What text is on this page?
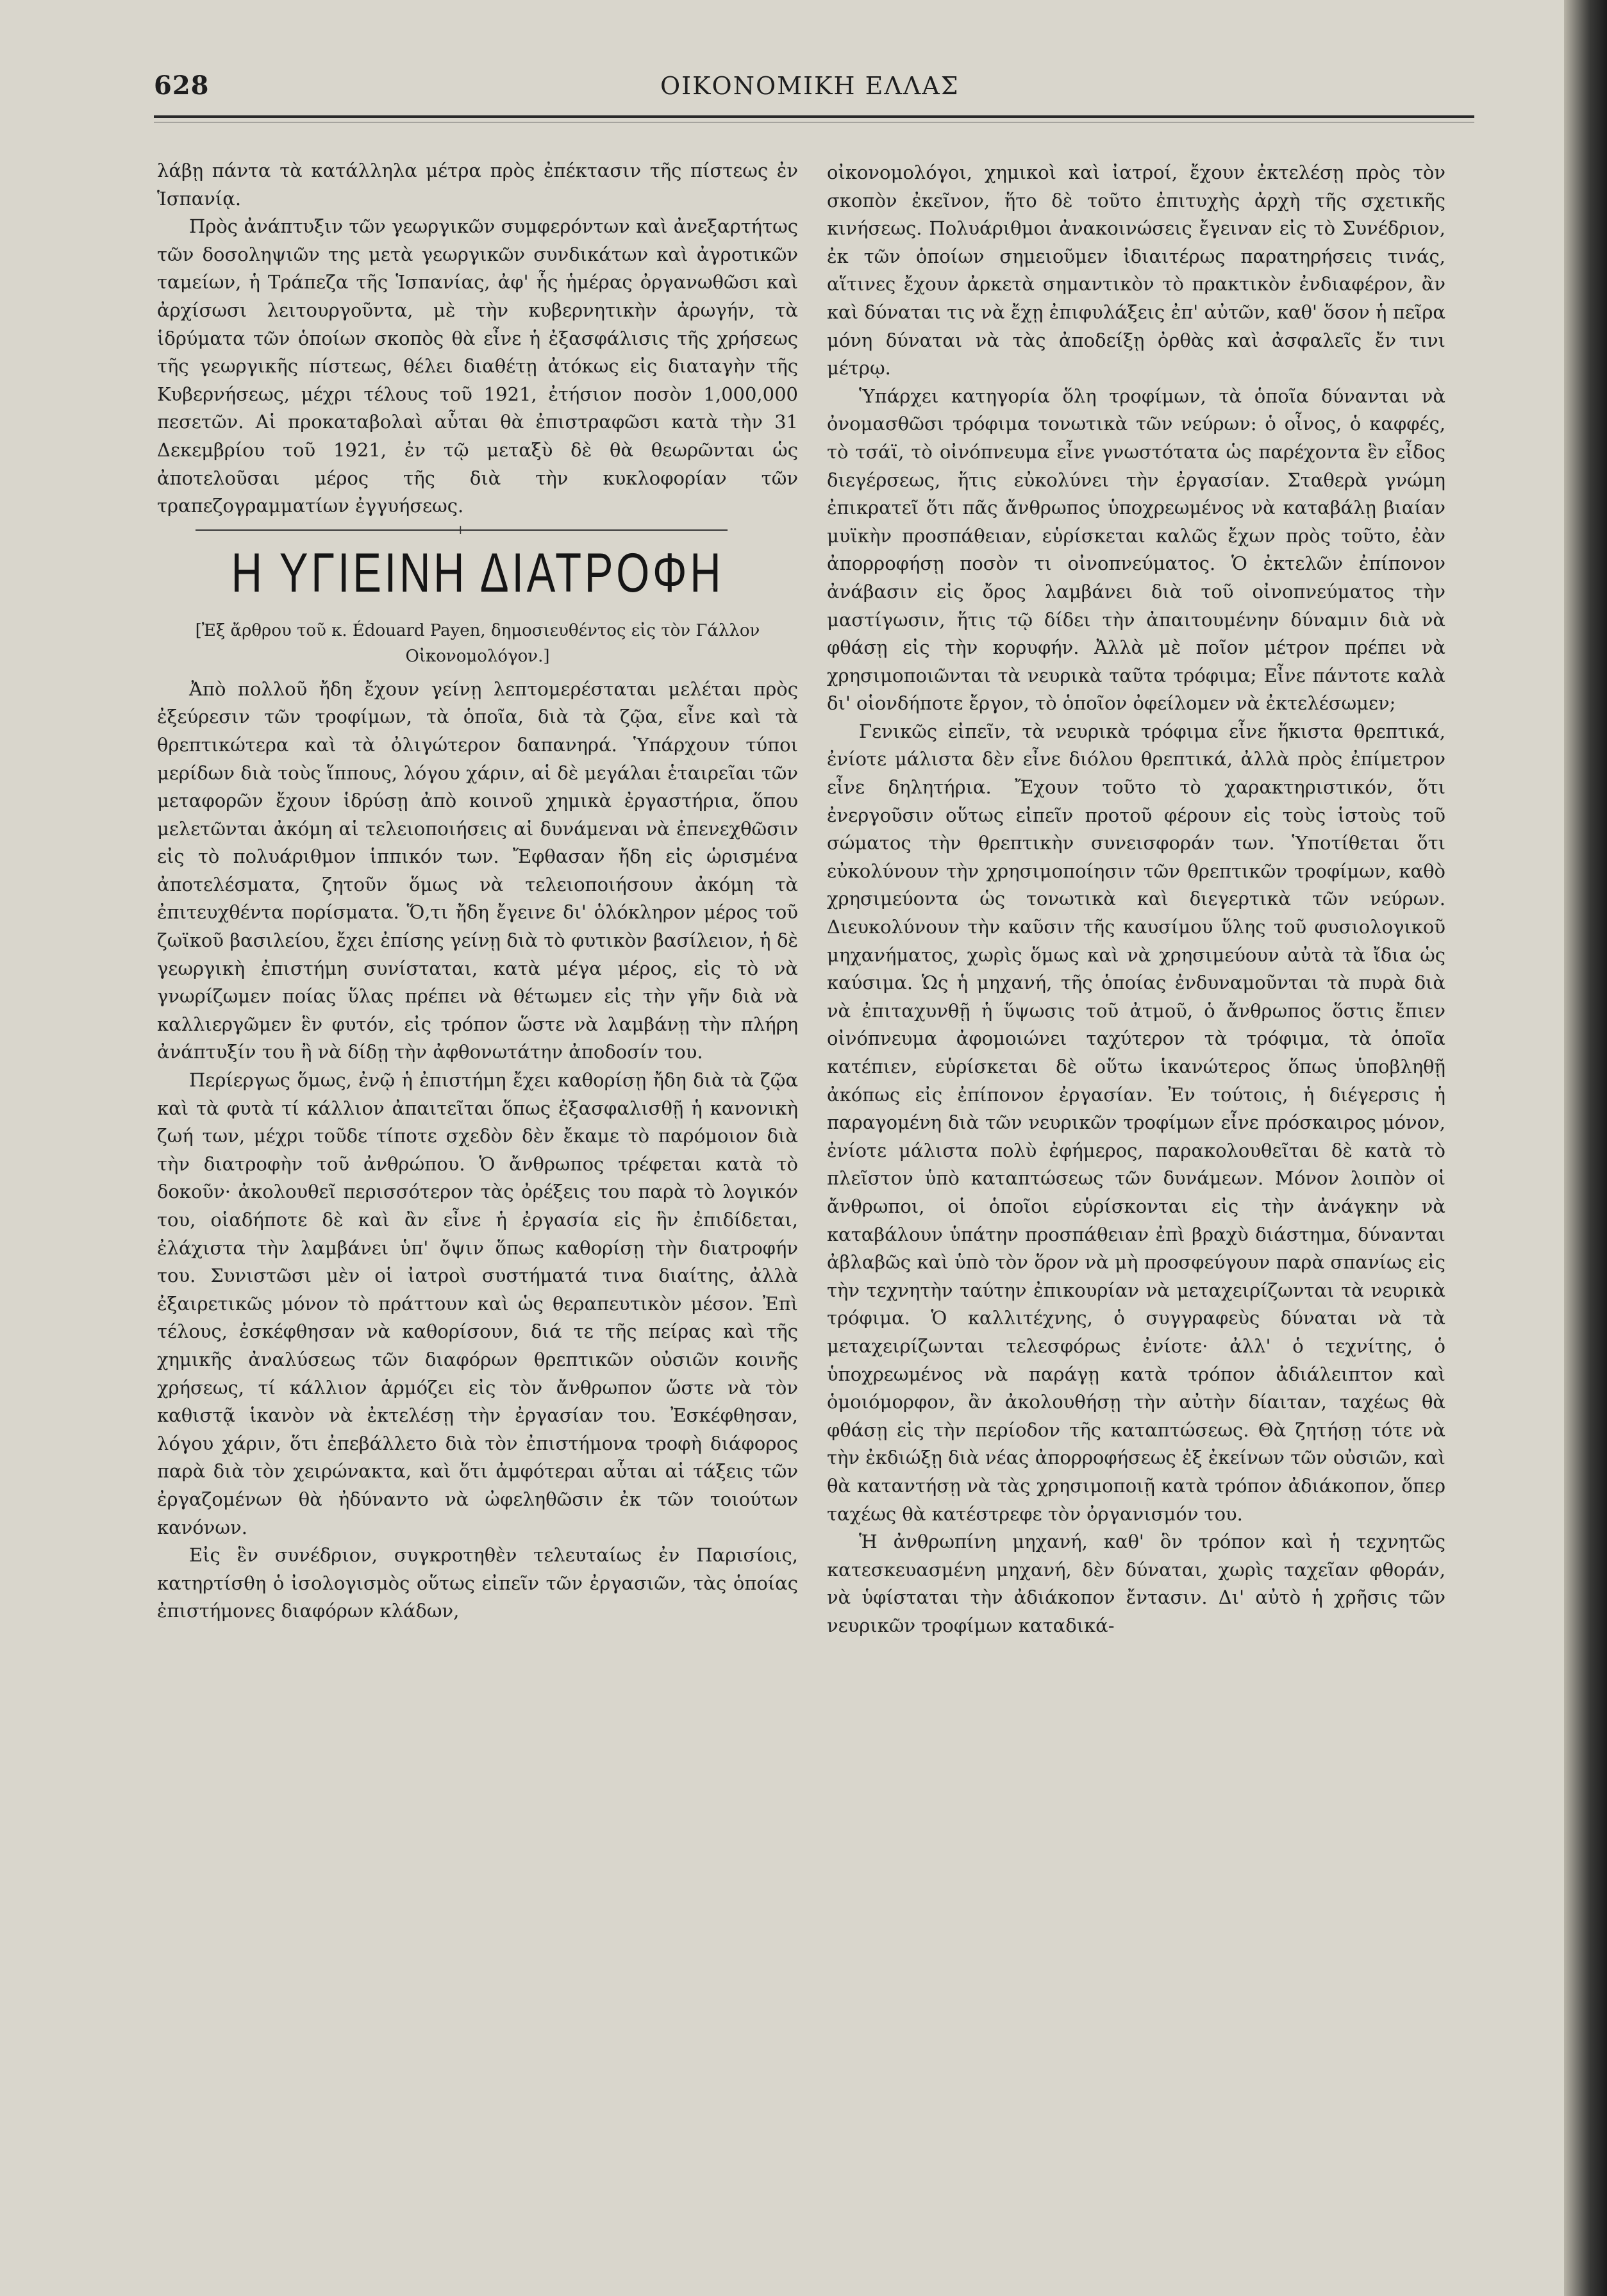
628	ΟΙΚΟΝΟΜΙΚΗ ΕΛΛΑΣ

λάβῃ πάντα τὰ κατάλληλα μέτρα πρὸς ἐπέκτασιν τῆς πίστεως ἐν Ἱσπανίᾳ.

Πρὸς ἀνάπτυξιν τῶν γεωργικῶν συμφερόντων καὶ ἀνεξαρτήτως τῶν δοσοληψιῶν της μετὰ γεωργικῶν συνδικάτων καὶ ἀγροτικῶν ταμείων, ἡ Τράπεζα τῆς Ἱσπανίας, ἀφ' ἧς ἡμέρας ὀργανωθῶσι καὶ ἀρχίσωσι λειτουργοῦντα, μὲ τὴν κυβερνητικὴν ἀρωγήν, τὰ ἱδρύματα τῶν ὁποίων σκοπὸς θὰ εἶνε ἡ ἐξασφάλισις τῆς χρήσεως τῆς γεωργικῆς πίστεως, θέλει διαθέτῃ ἀτόκως εἰς διαταγὴν τῆς Κυβερνήσεως, μέχρι τέλους τοῦ 1921, ἐτήσιον ποσὸν 1,000,000 πεσετῶν. Αἱ προκαταβολαὶ αὗται θὰ ἐπιστραφῶσι κατὰ τὴν 31 Δεκεμβρίου τοῦ 1921, ἐν τῷ μεταξὺ δὲ θὰ θεωρῶνται ὡς ἀποτελοῦσαι μέρος τῆς διὰ τὴν κυκλοφορίαν τῶν τραπεζογραμματίων ἐγγυήσεως.

+
Η ΥΓΙΕΙΝΗ ΔΙΑΤΡΟΦΗ
[Ἐξ ἄρθρου τοῦ κ. Édouard Payen, δημοσιευθέντος εἰς τὸν Γάλλον Οἰκονομολόγον.]

Ἀπὸ πολλοῦ ἤδη ἔχουν γείνῃ λεπτομερέσταται μελέται πρὸς ἐξεύρεσιν τῶν τροφίμων, τὰ ὁποῖα, διὰ τὰ ζῷα, εἶνε καὶ τὰ θρεπτικώτερα καὶ τὰ ὀλιγώτερον δαπανηρά. Ὑπάρχουν τύποι μερίδων διὰ τοὺς ἵππους, λόγου χάριν, αἱ δὲ μεγάλαι ἑταιρεῖαι τῶν μεταφορῶν ἔχουν ἱδρύσῃ ἀπὸ κοινοῦ χημικὰ ἐργαστήρια, ὅπου μελετῶνται ἀκόμη αἱ τελειοποιήσεις αἱ δυνάμεναι νὰ ἐπενεχθῶσιν εἰς τὸ πολυάριθμον ἱππικόν των. Ἔφθασαν ἤδη εἰς ὡρισμένα ἀποτελέσματα, ζητοῦν ὅμως νὰ τελειοποιήσουν ἀκόμη τὰ ἐπιτευχθέντα πορίσματα. Ὅ,τι ἤδη ἔγεινε δι' ὁλόκληρον μέρος τοῦ ζωϊκοῦ βασιλείου, ἔχει ἐπίσης γείνῃ διὰ τὸ φυτικὸν βασίλειον, ἡ δὲ γεωργικὴ ἐπιστήμη συνίσταται, κατὰ μέγα μέρος, εἰς τὸ νὰ γνωρίζωμεν ποίας ὕλας πρέπει νὰ θέτωμεν εἰς τὴν γῆν διὰ νὰ καλλιεργῶμεν ἓν φυτόν, εἰς τρόπον ὥστε νὰ λαμβάνῃ τὴν πλήρη ἀνάπτυξίν του ἢ νὰ δίδῃ τὴν ἀφθονωτάτην ἀποδοσίν του.

Περίεργως ὅμως, ἐνῷ ἡ ἐπιστήμη ἔχει καθορίσῃ ἤδη διὰ τὰ ζῷα καὶ τὰ φυτὰ τί κάλλιον ἀπαιτεῖται ὅπως ἐξασφαλισθῇ ἡ κανονικὴ ζωή των, μέχρι τοῦδε τίποτε σχεδὸν δὲν ἔκαμε τὸ παρόμοιον διὰ τὴν διατροφὴν τοῦ ἀνθρώπου. Ὁ ἄνθρωπος τρέφεται κατὰ τὸ δοκοῦν· ἀκολουθεῖ περισσότερον τὰς ὀρέξεις του παρὰ τὸ λογικόν του, οἱαδήποτε δὲ καὶ ἂν εἶνε ἡ ἐργασία εἰς ἣν ἐπιδίδεται, ἐλάχιστα τὴν λαμβάνει ὑπ' ὄψιν ὅπως καθορίσῃ τὴν διατροφήν του. Συνιστῶσι μὲν οἱ ἰατροὶ συστήματά τινα διαίτης, ἀλλὰ ἐξαιρετικῶς μόνον τὸ πράττουν καὶ ὡς θεραπευτικὸν μέσον. Ἐπὶ τέλους, ἐσκέφθησαν νὰ καθορίσουν, διά τε τῆς πείρας καὶ τῆς χημικῆς ἀναλύσεως τῶν διαφόρων θρεπτικῶν οὐσιῶν κοινῆς χρήσεως, τί κάλλιον ἁρμόζει εἰς τὸν ἄνθρωπον ὥστε νὰ τὸν καθιστᾷ ἱκανὸν νὰ ἐκτελέσῃ τὴν ἐργασίαν του. Ἐσκέφθησαν, λόγου χάριν, ὅτι ἐπεβάλλετο διὰ τὸν ἐπιστήμονα τροφὴ διάφορος παρὰ διὰ τὸν χειρώνακτα, καὶ ὅτι ἀμφότεραι αὗται αἱ τάξεις τῶν ἐργαζομένων θὰ ἠδύναντο νὰ ὠφεληθῶσιν ἐκ τῶν τοιούτων κανόνων.

Εἰς ἓν συνέδριον, συγκροτηθὲν τελευταίως ἐν Παρισίοις, κατηρτίσθη ὁ ἰσολογισμὸς οὕτως εἰπεῖν τῶν ἐργασιῶν, τὰς ὁποίας ἐπιστήμονες διαφόρων κλάδων,

οἰκονομολόγοι, χημικοὶ καὶ ἰατροί, ἔχουν ἐκτελέσῃ πρὸς τὸν σκοπὸν ἐκεῖνον, ἥτο δὲ τοῦτο ἐπιτυχὴς ἀρχὴ τῆς σχετικῆς κινήσεως. Πολυάριθμοι ἀνακοινώσεις ἔγειναν εἰς τὸ Συνέδριον, ἐκ τῶν ὁποίων σημειοῦμεν ἰδιαιτέρως παρατηρήσεις τινάς, αἵτινες ἔχουν ἀρκετὰ σημαντικὸν τὸ πρακτικὸν ἐνδιαφέρον, ἂν καὶ δύναται τις νὰ ἔχῃ ἐπιφυλάξεις ἐπ' αὐτῶν, καθ' ὅσον ἡ πεῖρα μόνη δύναται νὰ τὰς ἀποδείξῃ ὀρθὰς καὶ ἀσφαλεῖς ἔν τινι μέτρῳ.

Ὑπάρχει κατηγορία ὅλη τροφίμων, τὰ ὁποῖα δύνανται νὰ ὀνομασθῶσι τρόφιμα τονωτικὰ τῶν νεύρων: ὁ οἶνος, ὁ καφφές, τὸ τσάϊ, τὸ οἰνόπνευμα εἶνε γνωστότατα ὡς παρέχοντα ἓν εἶδος διεγέρσεως, ἥτις εὐκολύνει τὴν ἐργασίαν. Σταθερὰ γνώμη ἐπικρατεῖ ὅτι πᾶς ἄνθρωπος ὑποχρεωμένος νὰ καταβάλῃ βιαίαν μυϊκὴν προσπάθειαν, εὑρίσκεται καλῶς ἔχων πρὸς τοῦτο, ἐὰν ἀπορροφήσῃ ποσὸν τι οἰνοπνεύματος. Ὁ ἐκτελῶν ἐπίπονον ἀνάβασιν εἰς ὄρος λαμβάνει διὰ τοῦ οἰνοπνεύματος τὴν μαστίγωσιν, ἥτις τῷ δίδει τὴν ἀπαιτουμένην δύναμιν διὰ νὰ φθάσῃ εἰς τὴν κορυφήν. Ἀλλὰ μὲ ποῖον μέτρον πρέπει νὰ χρησιμοποιῶνται τὰ νευρικὰ ταῦτα τρόφιμα; Εἶνε πάντοτε καλὰ δι' οἱονδήποτε ἔργον, τὸ ὁποῖον ὀφείλομεν νὰ ἐκτελέσωμεν;

Γενικῶς εἰπεῖν, τὰ νευρικὰ τρόφιμα εἶνε ἥκιστα θρεπτικά, ἐνίοτε μάλιστα δὲν εἶνε διόλου θρεπτικά, ἀλλὰ πρὸς ἐπίμετρον εἶνε δηλητήρια. Ἔχουν τοῦτο τὸ χαρακτηριστικόν, ὅτι ἐνεργοῦσιν οὕτως εἰπεῖν προτοῦ φέρουν εἰς τοὺς ἱστοὺς τοῦ σώματος τὴν θρεπτικὴν συνεισφοράν των. Ὑποτίθεται ὅτι εὐκολύνουν τὴν χρησιμοποίησιν τῶν θρεπτικῶν τροφίμων, καθὸ χρησιμεύοντα ὡς τονωτικὰ καὶ διεγερτικὰ τῶν νεύρων. Διευκολύνουν τὴν καῦσιν τῆς καυσίμου ὕλης τοῦ φυσιολογικοῦ μηχανήματος, χωρὶς ὅμως καὶ νὰ χρησιμεύουν αὐτὰ τὰ ἴδια ὡς καύσιμα. Ὡς ἡ μηχανή, τῆς ὁποίας ἐνδυναμοῦνται τὰ πυρὰ διὰ νὰ ἐπιταχυνθῇ ἡ ὕψωσις τοῦ ἀτμοῦ, ὁ ἄνθρωπος ὅστις ἔπιεν οἰνόπνευμα ἀφομοιώνει ταχύτερον τὰ τρόφιμα, τὰ ὁποῖα κατέπιεν, εὑρίσκεται δὲ οὕτω ἱκανώτερος ὅπως ὑποβληθῇ ἀκόπως εἰς ἐπίπονον ἐργασίαν. Ἐν τούτοις, ἡ διέγερσις ἡ παραγομένη διὰ τῶν νευρικῶν τροφίμων εἶνε πρόσκαιρος μόνον, ἐνίοτε μάλιστα πολὺ ἐφήμερος, παρακολουθεῖται δὲ κατὰ τὸ πλεῖστον ὑπὸ καταπτώσεως τῶν δυνάμεων. Μόνον λοιπὸν οἱ ἄνθρωποι, οἱ ὁποῖοι εὑρίσκονται εἰς τὴν ἀνάγκην νὰ καταβάλουν ὑπάτην προσπάθειαν ἐπὶ βραχὺ διάστημα, δύνανται ἀβλαβῶς καὶ ὑπὸ τὸν ὅρον νὰ μὴ προσφεύγουν παρὰ σπανίως εἰς τὴν τεχνητὴν ταύτην ἐπικουρίαν νὰ μεταχειρίζωνται τὰ νευρικὰ τρόφιμα. Ὁ καλλιτέχνης, ὁ συγγραφεὺς δύναται νὰ τὰ μεταχειρίζωνται τελεσφόρως ἐνίοτε· ἀλλ' ὁ τεχνίτης, ὁ ὑποχρεωμένος νὰ παράγῃ κατὰ τρόπον ἀδιάλειπτον καὶ ὁμοιόμορφον, ἂν ἀκολουθήσῃ τὴν αὐτὴν δίαιταν, ταχέως θὰ φθάσῃ εἰς τὴν περίοδον τῆς καταπτώσεως. Θὰ ζητήσῃ τότε νὰ τὴν ἐκδιώξῃ διὰ νέας ἀπορροφήσεως ἐξ ἐκείνων τῶν οὐσιῶν, καὶ θὰ καταντήσῃ νὰ τὰς χρησιμοποιῇ κατὰ τρόπον ἀδιάκοπον, ὅπερ ταχέως θὰ κατέστρεφε τὸν ὀργανισμόν του.

Ἡ ἀνθρωπίνη μηχανή, καθ' ὃν τρόπον καὶ ἡ τεχνητῶς κατεσκευασμένη μηχανή, δὲν δύναται, χωρὶς ταχεῖαν φθοράν, νὰ ὑφίσταται τὴν ἀδιάκοπον ἔντασιν. Δι' αὐτὸ ἡ χρῆσις τῶν νευρικῶν τροφίμων καταδικά-
